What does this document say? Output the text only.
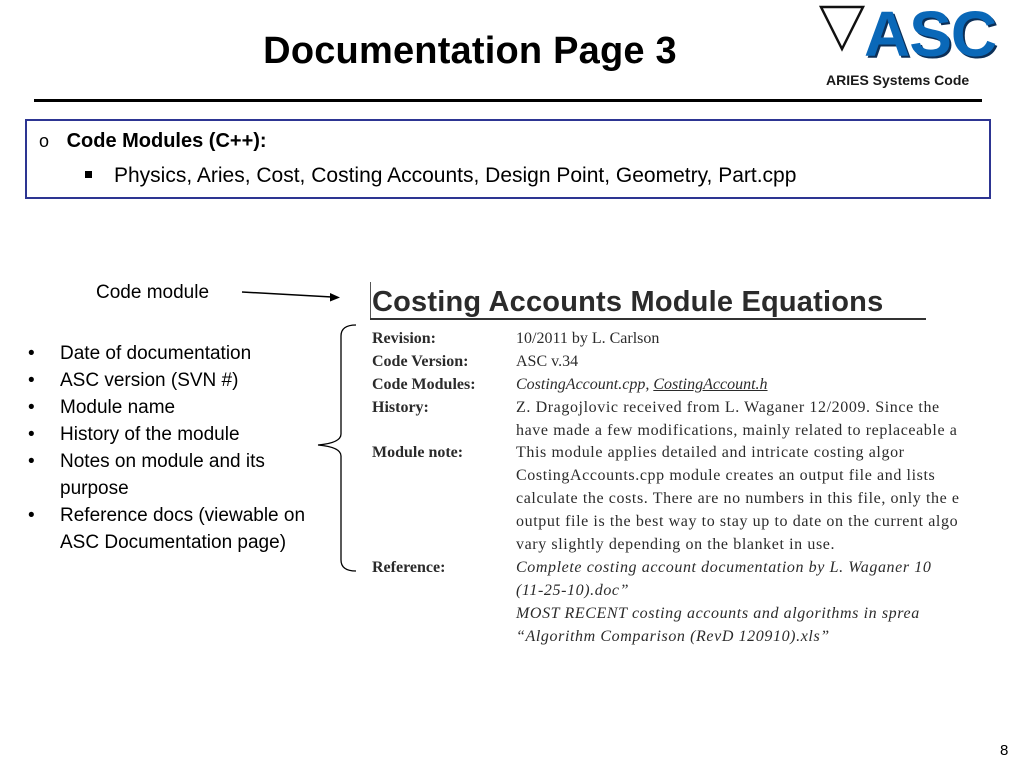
Documentation Page 3	ASC
ARIES Systems Code
o Code Modules (C++):
Physics, Aries, Cost, Costing Accounts, Design Point, Geometry, Part.cpp
Code module
• Date of documentation
• ASC version (SVN #)
• Module name
• History of the module
• Notes on module and its purpose
• Reference docs (viewable on ASC Documentation page)
Costing Accounts Module Equations
Revision:	10/2011 by L. Carlson
Code Version:	ASC v.34
Code Modules:	CostingAccount.cpp, CostingAccount.h
History:	Z. Dragojlovic received from L. Waganer 12/2009. Since the
have made a few modifications, mainly related to replaceable a
Module note:	This module applies detailed and intricate costing algor
CostingAccounts.cpp module creates an output file and lists
calculate the costs. There are no numbers in this file, only the e
output file is the best way to stay up to date on the current algo
vary slightly depending on the blanket in use.
Reference:	Complete costing account documentation by L. Waganer 10
(11-25-10).doc”
MOST RECENT costing accounts and algorithms in sprea
“Algorithm Comparison (RevD 120910).xls”
8
